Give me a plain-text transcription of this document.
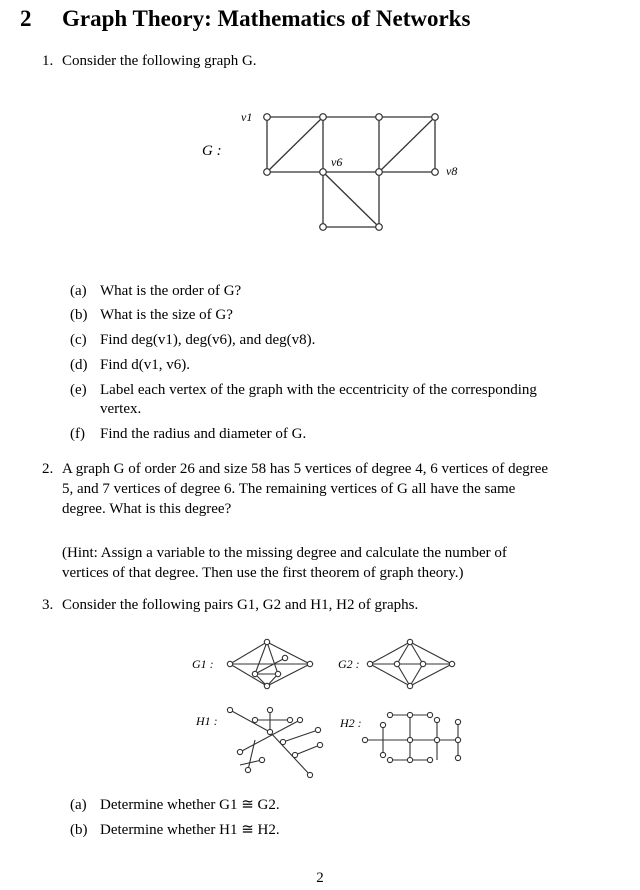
2 Graph Theory: Mathematics of Networks
1. Consider the following graph G.
G :
v1
v6
v8
(a) What is the order of G?
(b) What is the size of G?
(c) Find deg(v1), deg(v6), and deg(v8).
(d) Find d(v1, v6).
(e) Label each vertex of the graph with the eccentricity of the corresponding
vertex.
(f) Find the radius and diameter of G.
2. A graph G of order 26 and size 58 has 5 vertices of degree 4, 6 vertices of degree
5, and 7 vertices of degree 6. The remaining vertices of G all have the same
degree. What is this degree?
(Hint: Assign a variable to the missing degree and calculate the number of
vertices of that degree. Then use the first theorem of graph theory.)
3. Consider the following pairs G1, G2 and H1, H2 of graphs.
G1 :	G2 :
H1 :	H2 :
(a) Determine whether G1 ≅ G2.
(b) Determine whether H1 ≅ H2.
2
